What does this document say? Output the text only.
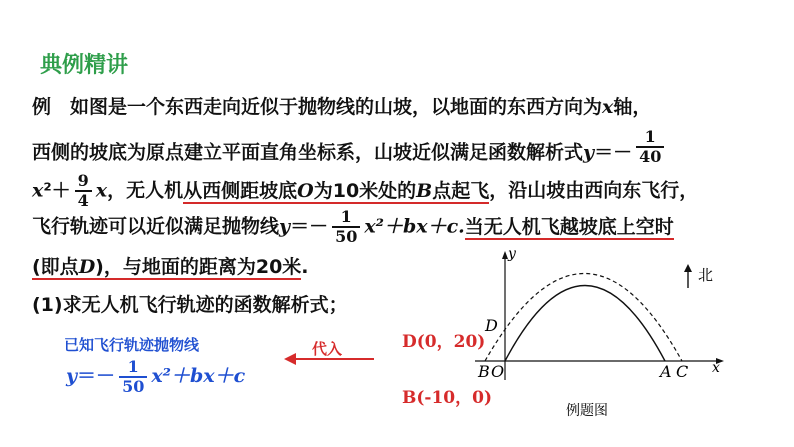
典例精讲
例　如图是一个东西走向近似于抛物线的山坡，以地面的东西方向为x轴，
西侧的坡底为原点建立平面直角坐标系，山坡近似满足函数解析式$y=- \frac{1}{40}$
$x^2+ \frac{9}{4}$ x，无人机从西侧距坡底O为10米处的B点起飞，沿山坡由西向东飞行，
飞行轨迹可以近似满足抛物线$y=- \frac{1}{50} x^2+bx+c$.当无人机飞越坡底上空时
(即点D)，与地面的距离为20米.
(1)求无人机飞行轨迹的函数解析式；
已知飞行轨迹抛物线
$y=- \frac{1}{50} x^2+bx+c$
代入	D(0，20)
B(-10，0)
y
x
北
D
B O	A C
例题图
